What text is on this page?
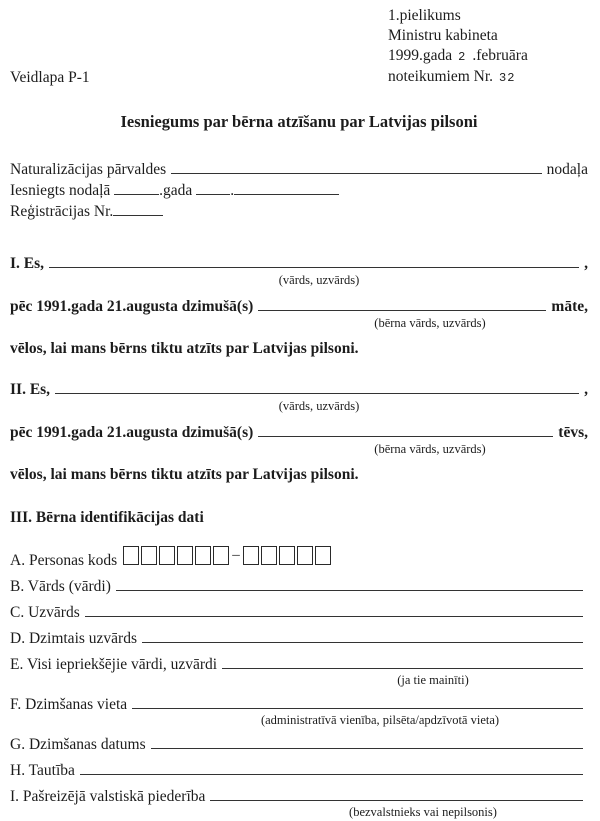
Veidlapa P-1
1.pielikums
Ministru kabineta
1999.gada 2 .februāra
noteikumiem Nr. 32
Iesniegums par bērna atzīšanu par Latvijas pilsoni
Naturalizācijas pārvaldes	nodaļa
Iesniegts nodaļā	.gada .
Reģistrācijas Nr.
I. Es,	,
(vārds, uzvārds)
pēc 1991.gada 21.augusta dzimušā(s)	māte,
(bērna vārds, uzvārds)
vēlos, lai mans bērns tiktu atzīts par Latvijas pilsoni.
II. Es,	,
(vārds, uzvārds)
pēc 1991.gada 21.augusta dzimušā(s)	tēvs,
(bērna vārds, uzvārds)
vēlos, lai mans bērns tiktu atzīts par Latvijas pilsoni.
III. Bērna identifikācijas dati
A. Personas kods	–
B. Vārds (vārdi)
C. Uzvārds
D. Dzimtais uzvārds
E. Visi iepriekšējie vārdi, uzvārdi
(ja tie mainīti)
F. Dzimšanas vieta
(administratīvā vienība, pilsēta/apdzīvotā vieta)
G. Dzimšanas datums
H. Tautība
I. Pašreizējā valstiskā piederība
(bezvalstnieks vai nepilsonis)
